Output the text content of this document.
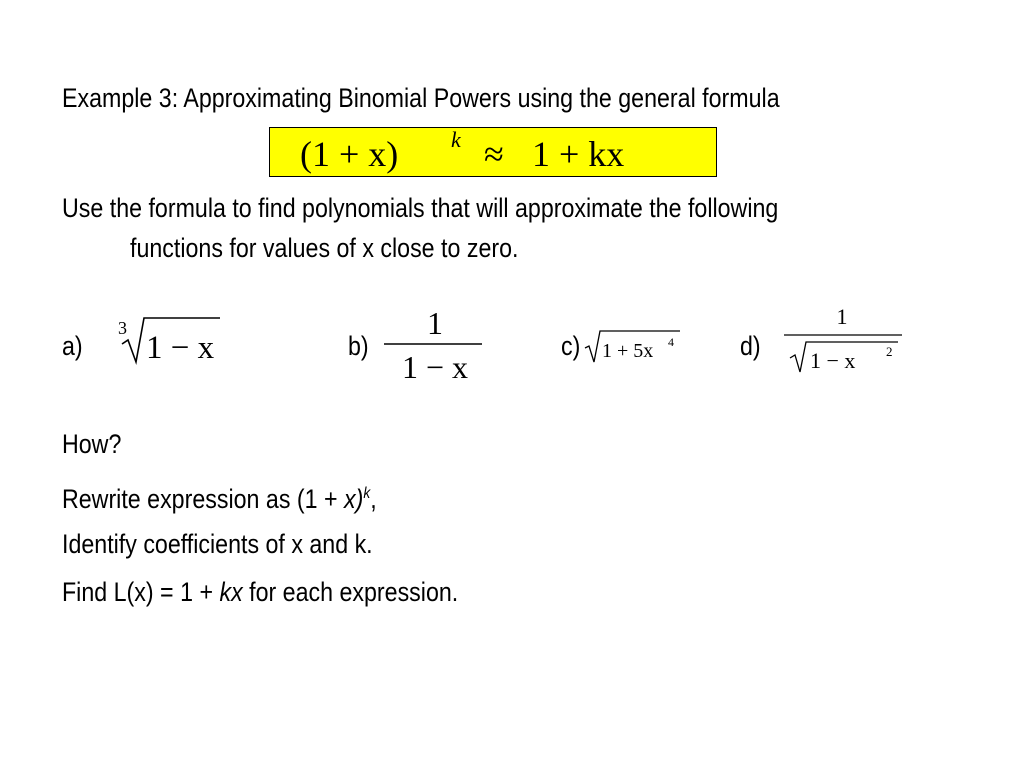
Example 3: Approximating Binomial Powers using the general formula
(1 + x) k ≈ 1 + kx
Use the formula to find polynomials that will approximate the following
functions for values of x close to zero.
a)
3
1 − x	b)
1
1 − x
c) 1 + 5x 4 d)
1
1 − x 2
How?
Rewrite expression as $(1 + x)^k$,
Identify coefficients of x and k.
Find L(x) = 1 + kx for each expression.
